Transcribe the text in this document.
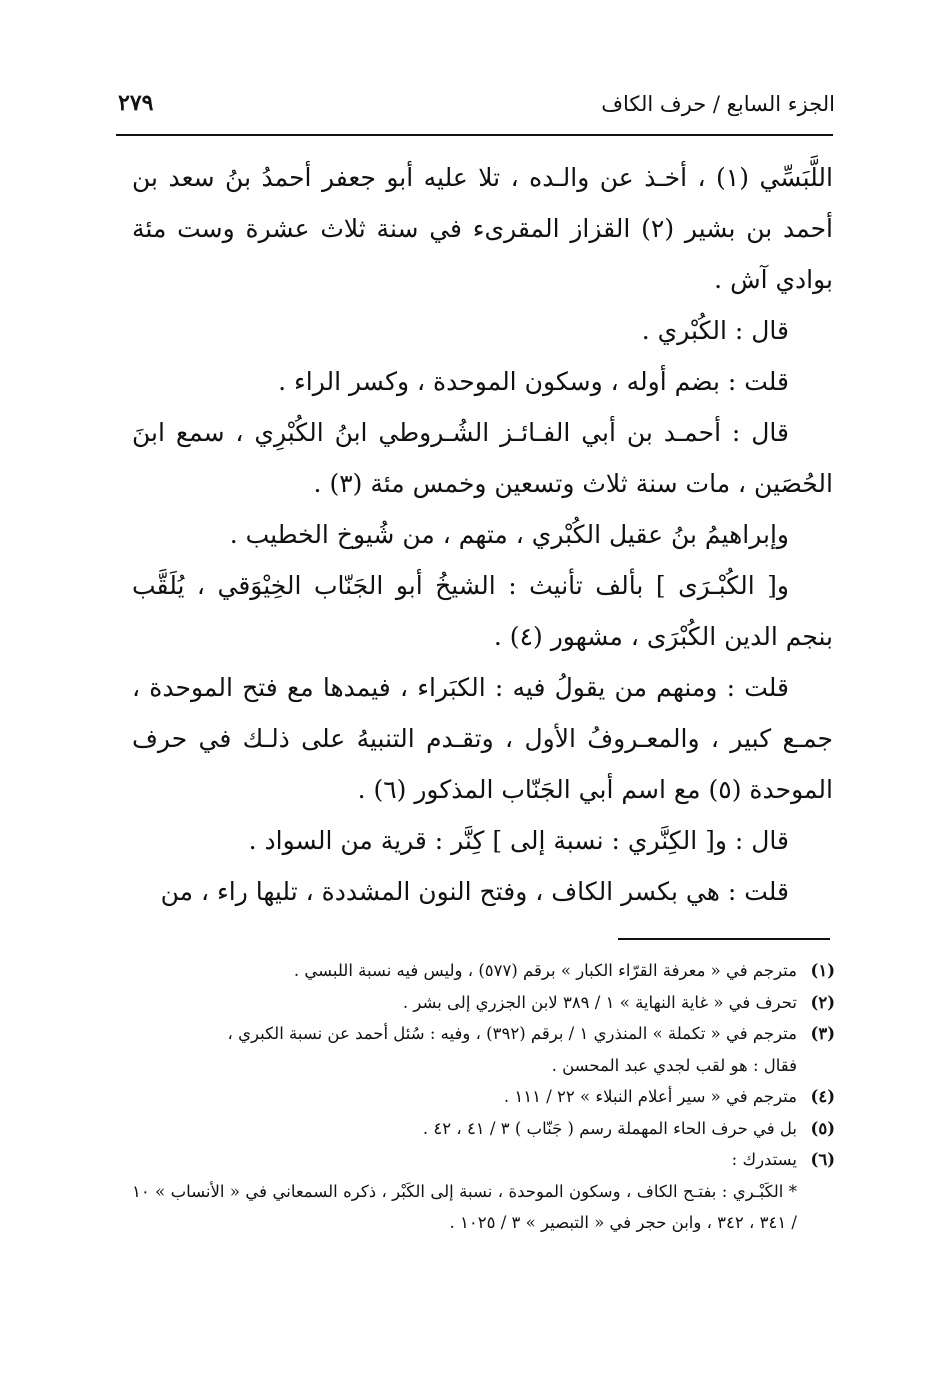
الجزء السابع / حرف الكاف
٢٧٩

اللَّبَسِّي (١) ، أخـذ عن والـده ، تلا عليه أبو جعفر أحمدُ بنُ سعد بن أحمد بن بشير (٢) القزاز المقرىء في سنة ثلاث عشرة وست مئة بوادي آش .

قال : الكُبْري .

قلت : بضم أوله ، وسكون الموحدة ، وكسر الراء .

قال : أحمـد بن أبي الفـائـز الشُـروطي ابنُ الكُبْرِي ، سمع ابنَ الحُصَين ، مات سنة ثلاث وتسعين وخمس مئة (٣) .

وإبراهيمُ بنُ عقيل الكُبْري ، متهم ، من شُيوخ الخطيب .

و[ الكُبْـرَى ] بألف تأنيث : الشيخُ أبو الجَنّاب الخِيْوَقي ، يُلَقَّب بنجم الدين الكُبْرَى ، مشهور (٤) .

قلت : ومنهم من يقولُ فيه : الكبَراء ، فيمدها مع فتح الموحدة ، جمـع كبير ، والمعـروفُ الأول ، وتقـدم التنبيهُ على ذلـك في حرف الموحدة (٥) مع اسم أبي الجَنّاب المذكور (٦) .

قال : و[ الكِنَّري : نسبة إلى ] كِنَّر : قرية من السواد .

قلت : هي بكسر الكاف ، وفتح النون المشددة ، تليها راء ، من

(١)
مترجم في « معرفة القرّاء الكبار » برقم (٥٧٧) ، وليس فيه نسبة اللبسي .
(٢)
تحرف في « غاية النهاية » ١ / ٣٨٩ لابن الجزري إلى بشر .
(٣)
مترجم في « تكملة » المنذري ١ / برقم (٣٩٢) ، وفيه : سُئل أحمد عن نسبة الكبري ،
فقال : هو لقب لجدي عبد المحسن .
(٤)
مترجم في « سير أعلام النبلاء » ٢٢ / ١١١ .
(٥)
بل في حرف الحاء المهملة رسم ( جَنّاب ) ٣ / ٤١ ، ٤٢ .
(٦)
يستدرك :
* الكَبْـري : بفتـح الكاف ، وسكون الموحدة ، نسبة إلى الكَبْر ، ذكره السمعاني في « الأنساب » ١٠ / ٣٤١ ، ٣٤٢ ، وابن حجر في « التبصير » ٣ / ١٠٢٥ .
